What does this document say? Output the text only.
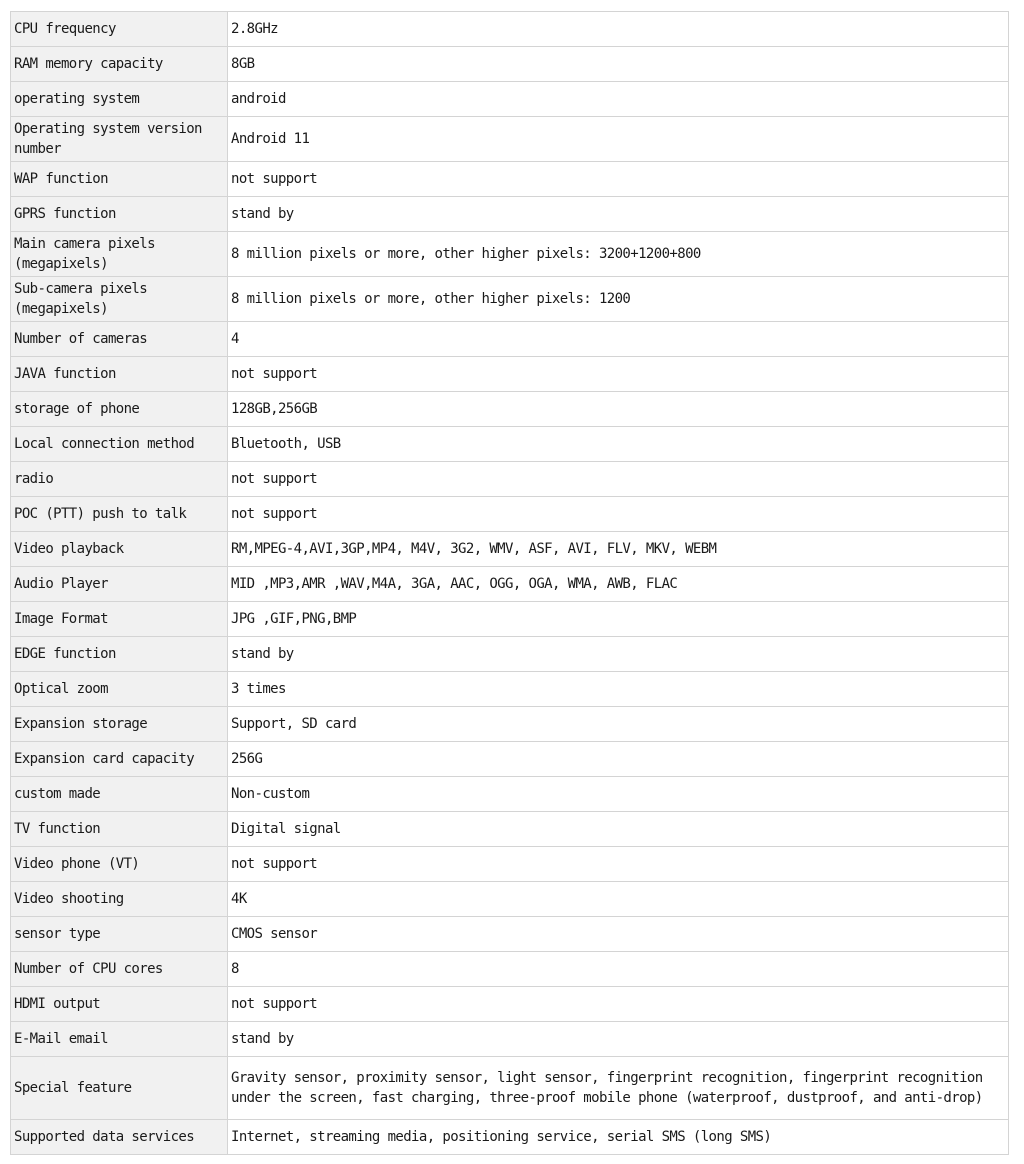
CPU frequency	2.8GHz
RAM memory capacity	8GB
operating system	android
Operating system version number	Android 11
WAP function	not support
GPRS function	stand by
Main camera pixels (megapixels)	8 million pixels or more, other higher pixels: 3200+1200+800
Sub-camera pixels (megapixels)	8 million pixels or more, other higher pixels: 1200
Number of cameras	4
JAVA function	not support
storage of phone	128GB,256GB
Local connection method	Bluetooth, USB
radio	not support
POC (PTT) push to talk	not support
Video playback	RM,MPEG-4,AVI,3GP,MP4, M4V, 3G2, WMV, ASF, AVI, FLV, MKV, WEBM
Audio Player	MID ,MP3,AMR ,WAV,M4A, 3GA, AAC, OGG, OGA, WMA, AWB, FLAC
Image Format	JPG ,GIF,PNG,BMP
EDGE function	stand by
Optical zoom	3 times
Expansion storage	Support, SD card
Expansion card capacity	256G
custom made	Non-custom
TV function	Digital signal
Video phone (VT)	not support
Video shooting	4K
sensor type	CMOS sensor
Number of CPU cores	8
HDMI output	not support
E-Mail email	stand by
Special feature	Gravity sensor, proximity sensor, light sensor, fingerprint recognition, fingerprint recognition under the screen, fast charging, three-proof mobile phone (waterproof, dustproof, and anti-drop)
Supported data services	Internet, streaming media, positioning service, serial SMS (long SMS)
